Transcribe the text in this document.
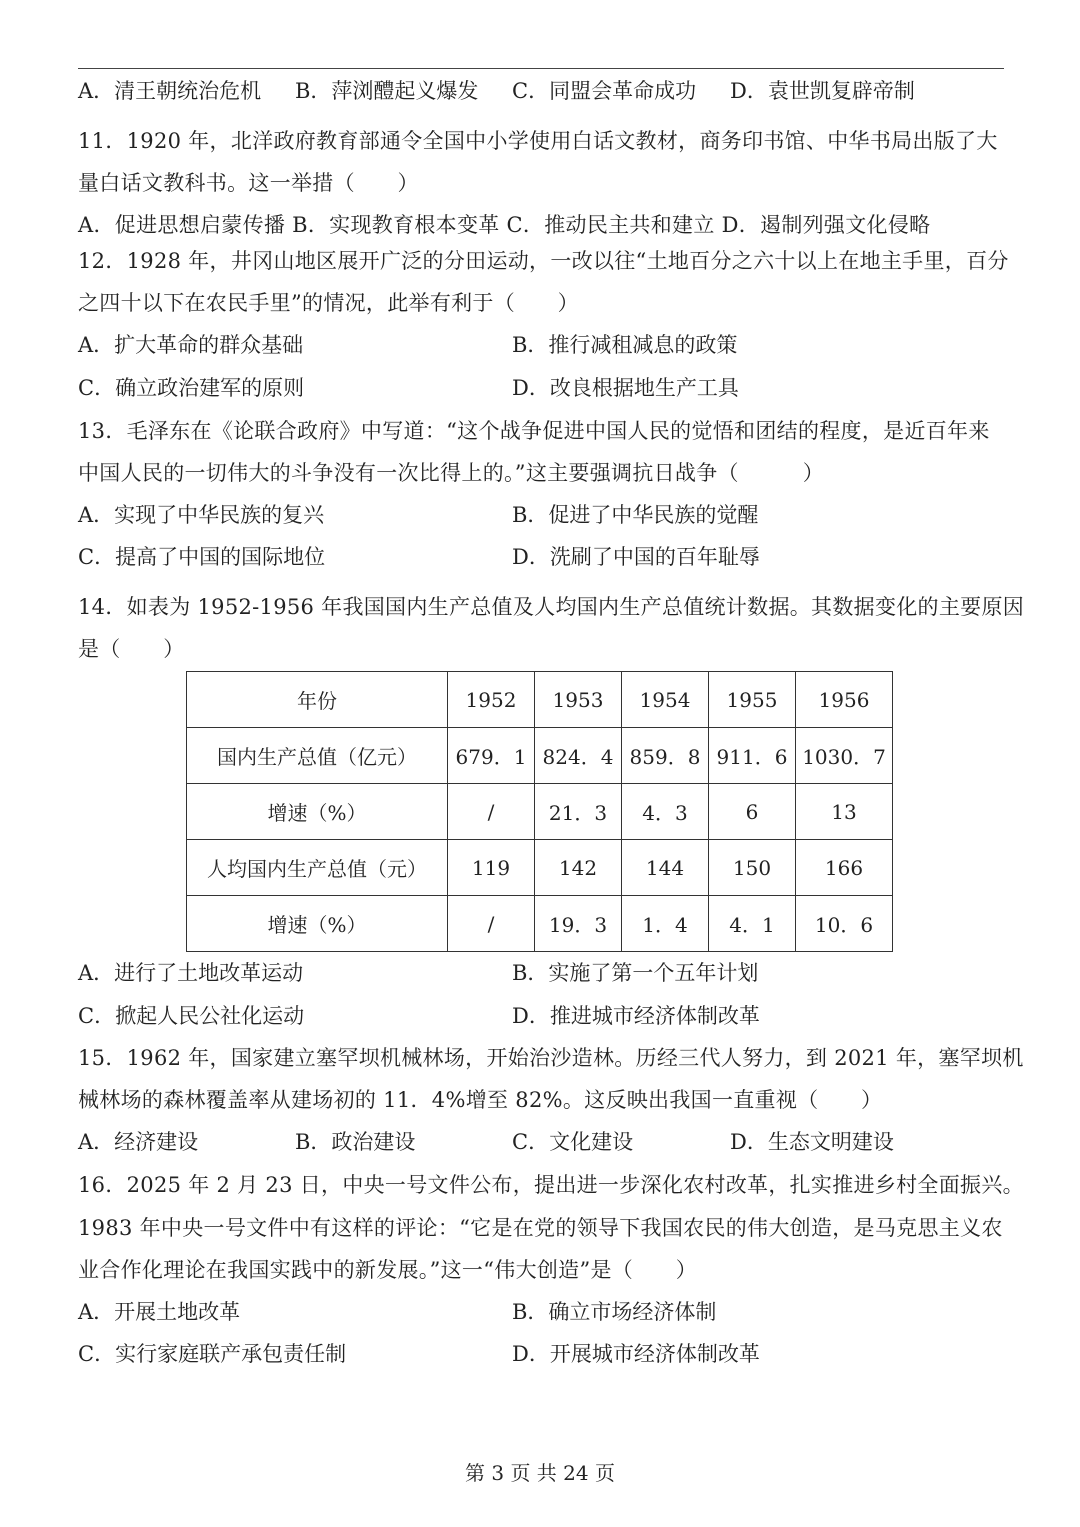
A．清王朝统治危机 B．萍浏醴起义爆发 C．同盟会革命成功 D．袁世凯复辟帝制
11．1920 年，北洋政府教育部通令全国中小学使用白话文教材，商务印书馆、中华书局出版了大
量白话文教科书。这一举措（　　）
A．促进思想启蒙传播 B．实现教育根本变革 C．推动民主共和建立 D．遏制列强文化侵略
12．1928 年，井冈山地区展开广泛的分田运动，一改以往“土地百分之六十以上在地主手里，百分
之四十以下在农民手里”的情况，此举有利于（　　）
A．扩大革命的群众基础	B．推行减租减息的政策
C．确立政治建军的原则	D．改良根据地生产工具
13．毛泽东在《论联合政府》中写道：“这个战争促进中国人民的觉悟和团结的程度，是近百年来
中国人民的一切伟大的斗争没有一次比得上的。”这主要强调抗日战争（　　　）
A．实现了中华民族的复兴	B．促进了中华民族的觉醒
C．提高了中国的国际地位	D．洗刷了中国的百年耻辱
14．如表为 1952-1956 年我国国内生产总值及人均国内生产总值统计数据。其数据变化的主要原因
是（　　）
年份	1952	1953	1954	1955	1956
国内生产总值（亿元）	679．1	824．4	859．8	911．6	1030．7
增速（%）	/	21．3	4．3	6	13
人均国内生产总值（元）	119	142	144	150	166
增速（%）	/	19．3	1．4	4．1	10．6
A．进行了土地改革运动	B．实施了第一个五年计划
C．掀起人民公社化运动	D．推进城市经济体制改革
15．1962 年，国家建立塞罕坝机械林场，开始治沙造林。历经三代人努力，到 2021 年，塞罕坝机
械林场的森林覆盖率从建场初的 11．4%增至 82%。这反映出我国一直重视（　　）
A．经济建设	B．政治建设	C．文化建设	D．生态文明建设
16．2025 年 2 月 23 日，中央一号文件公布，提出进一步深化农村改革，扎实推进乡村全面振兴。
1983 年中央一号文件中有这样的评论：“它是在党的领导下我国农民的伟大创造，是马克思主义农
业合作化理论在我国实践中的新发展。”这一“伟大创造”是（　　）
A．开展土地改革	B．确立市场经济体制
C．实行家庭联产承包责任制	D．开展城市经济体制改革
第 3 页 共 24 页
